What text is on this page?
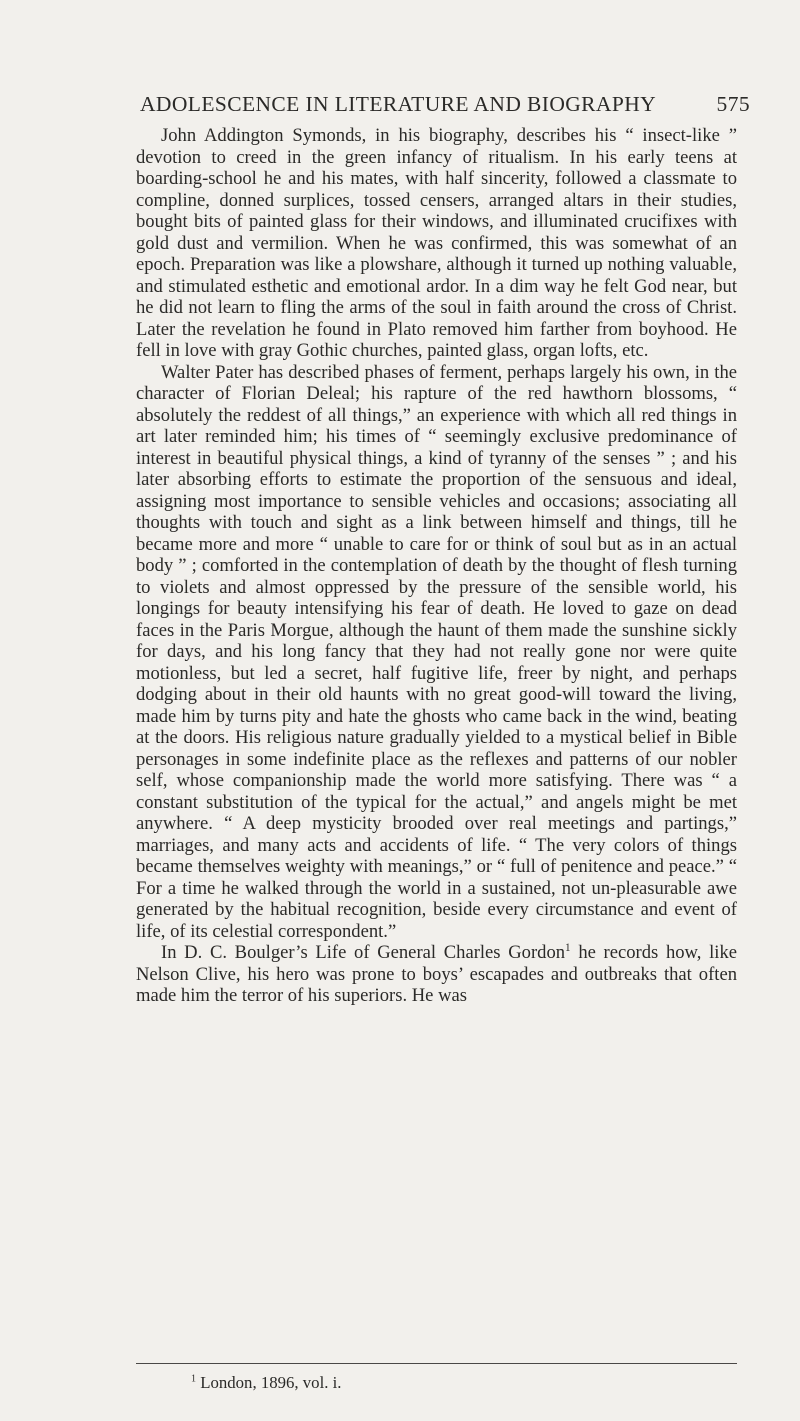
ADOLESCENCE IN LITERATURE AND BIOGRAPHY	575

John Addington Symonds, in his biography, describes his “ insect-like ” devotion to creed in the green infancy of ritualism. In his early teens at boarding-school he and his mates, with half sincerity, followed a classmate to compline, donned surplices, tossed censers, arranged altars in their studies, bought bits of painted glass for their windows, and illuminated crucifixes with gold dust and vermilion. When he was confirmed, this was somewhat of an epoch. Preparation was like a plowshare, although it turned up nothing valuable, and stimulated esthetic and emotional ardor. In a dim way he felt God near, but he did not learn to fling the arms of the soul in faith around the cross of Christ. Later the revelation he found in Plato removed him farther from boyhood. He fell in love with gray Gothic churches, painted glass, organ lofts, etc.

Walter Pater has described phases of ferment, perhaps largely his own, in the character of Florian Deleal; his rapture of the red hawthorn blossoms, “ absolutely the reddest of all things,” an experience with which all red things in art later reminded him; his times of “ seemingly exclusive predominance of interest in beautiful physical things, a kind of tyranny of the senses ” ; and his later absorbing efforts to estimate the proportion of the sensuous and ideal, assigning most importance to sensible vehicles and occasions; associating all thoughts with touch and sight as a link between himself and things, till he became more and more “ unable to care for or think of soul but as in an actual body ” ; comforted in the contemplation of death by the thought of flesh turning to violets and almost oppressed by the pressure of the sensible world, his longings for beauty intensifying his fear of death. He loved to gaze on dead faces in the Paris Morgue, although the haunt of them made the sunshine sickly for days, and his long fancy that they had not really gone nor were quite motionless, but led a secret, half fugitive life, freer by night, and perhaps dodging about in their old haunts with no great good-will toward the living, made him by turns pity and hate the ghosts who came back in the wind, beating at the doors. His religious nature gradually yielded to a mystical belief in Bible personages in some indefinite place as the reflexes and patterns of our nobler self, whose companionship made the world more satisfying. There was “ a constant substitution of the typical for the actual,” and angels might be met anywhere. “ A deep mysticity brooded over real meetings and partings,” marriages, and many acts and accidents of life. “ The very colors of things became themselves weighty with meanings,” or “ full of penitence and peace.” “ For a time he walked through the world in a sustained, not un-pleasurable awe generated by the habitual recognition, beside every circumstance and event of life, of its celestial correspondent.”

In D. C. Boulger’s Life of General Charles Gordon$^1$ he records how, like Nelson Clive, his hero was prone to boys’ escapades and outbreaks that often made him the terror of his superiors. He was

$^1$ London, 1896, vol. i.
